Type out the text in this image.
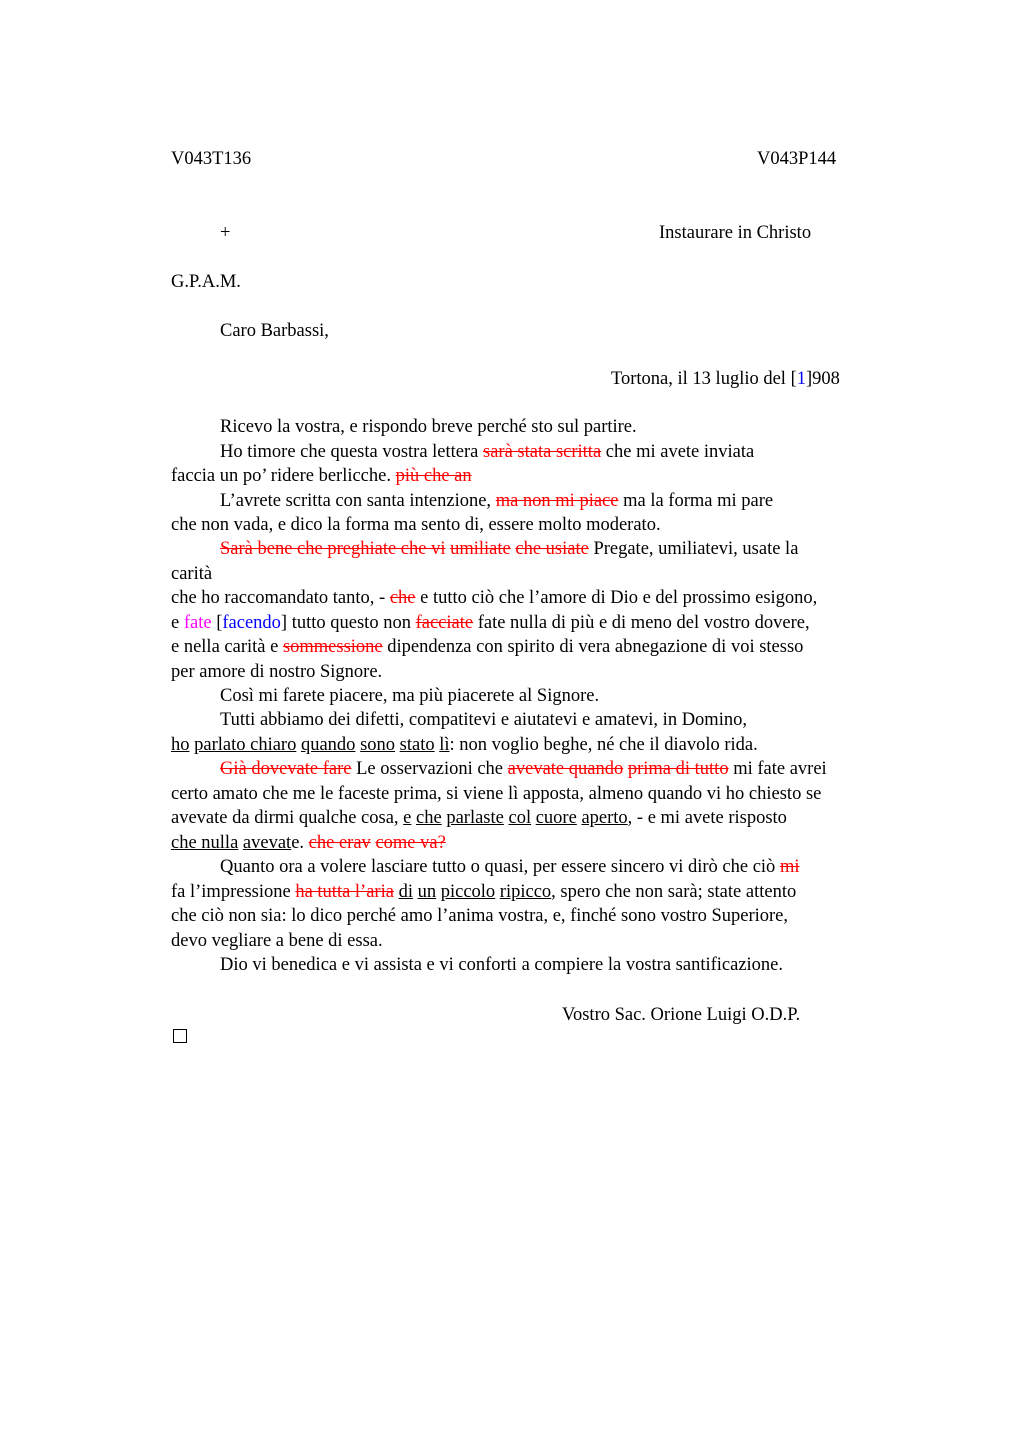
V043T136	V043P144
+	Instaurare in Christo
G.P.A.M.
Caro Barbassi,
Tortona, il 13 luglio del [1]908
Ricevo la vostra, e rispondo breve perché sto sul partire.
Ho timore che questa vostra lettera sarà stata scritta che mi avete inviata
faccia un po’ ridere berlicche. più che an
L’avrete scritta con santa intenzione, ma non mi piace ma la forma mi pare
che non vada, e dico la forma ma sento di, essere molto moderato.
Sarà bene che preghiate che vi umiliate che usiate Pregate, umiliatevi, usate la
carità
che ho raccomandato tanto, - che e tutto ciò che l’amore di Dio e del prossimo esigono,
e fate [facendo] tutto questo non facciate fate nulla di più e di meno del vostro dovere,
e nella carità e sommessione dipendenza con spirito di vera abnegazione di voi stesso
per amore di nostro Signore.
Così mi farete piacere, ma più piacerete al Signore.
Tutti abbiamo dei difetti, compatitevi e aiutatevi e amatevi, in Domino,
ho parlato chiaro quando sono stato lì: non voglio beghe, né che il diavolo rida.
Già dovevate fare Le osservazioni che avevate quando prima di tutto mi fate avrei
certo amato che me le faceste prima, si viene lì apposta, almeno quando vi ho chiesto se
avevate da dirmi qualche cosa, e che parlaste col cuore aperto, - e mi avete risposto
che nulla avevate. che erav come va?
Quanto ora a volere lasciare tutto o quasi, per essere sincero vi dirò che ciò mi
fa l’impressione ha tutta l’aria di un piccolo ripicco, spero che non sarà; state attento
che ciò non sia: lo dico perché amo l’anima vostra, e, finché sono vostro Superiore,
devo vegliare a bene di essa.
Dio vi benedica e vi assista e vi conforti a compiere la vostra santificazione.
Vostro Sac. Orione Luigi O.D.P.
